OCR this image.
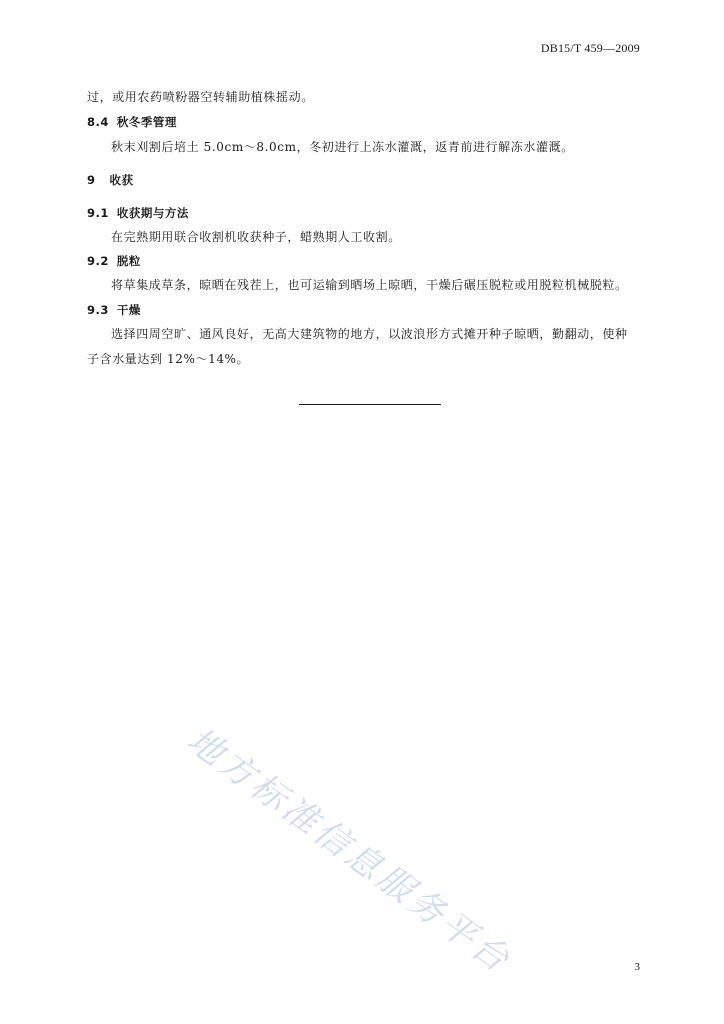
DB15/T 459—2009
过，或用农药喷粉器空转辅助植株摇动。
8.4 秋冬季管理
秋末刈割后培土 5.0cm～8.0cm，冬初进行上冻水灌溉，返青前进行解冻水灌溉。
9 收获
9.1 收获期与方法
在完熟期用联合收割机收获种子，蜡熟期人工收割。
9.2 脱粒
将草集成草条，晾晒在残茬上，也可运输到晒场上晾晒，干燥后碾压脱粒或用脱粒机械脱粒。
9.3 干燥
选择四周空旷、通风良好，无高大建筑物的地方，以波浪形方式摊开种子晾晒，勤翻动，使种
子含水量达到 12%～14%。
地方标准信息服务平台	3
